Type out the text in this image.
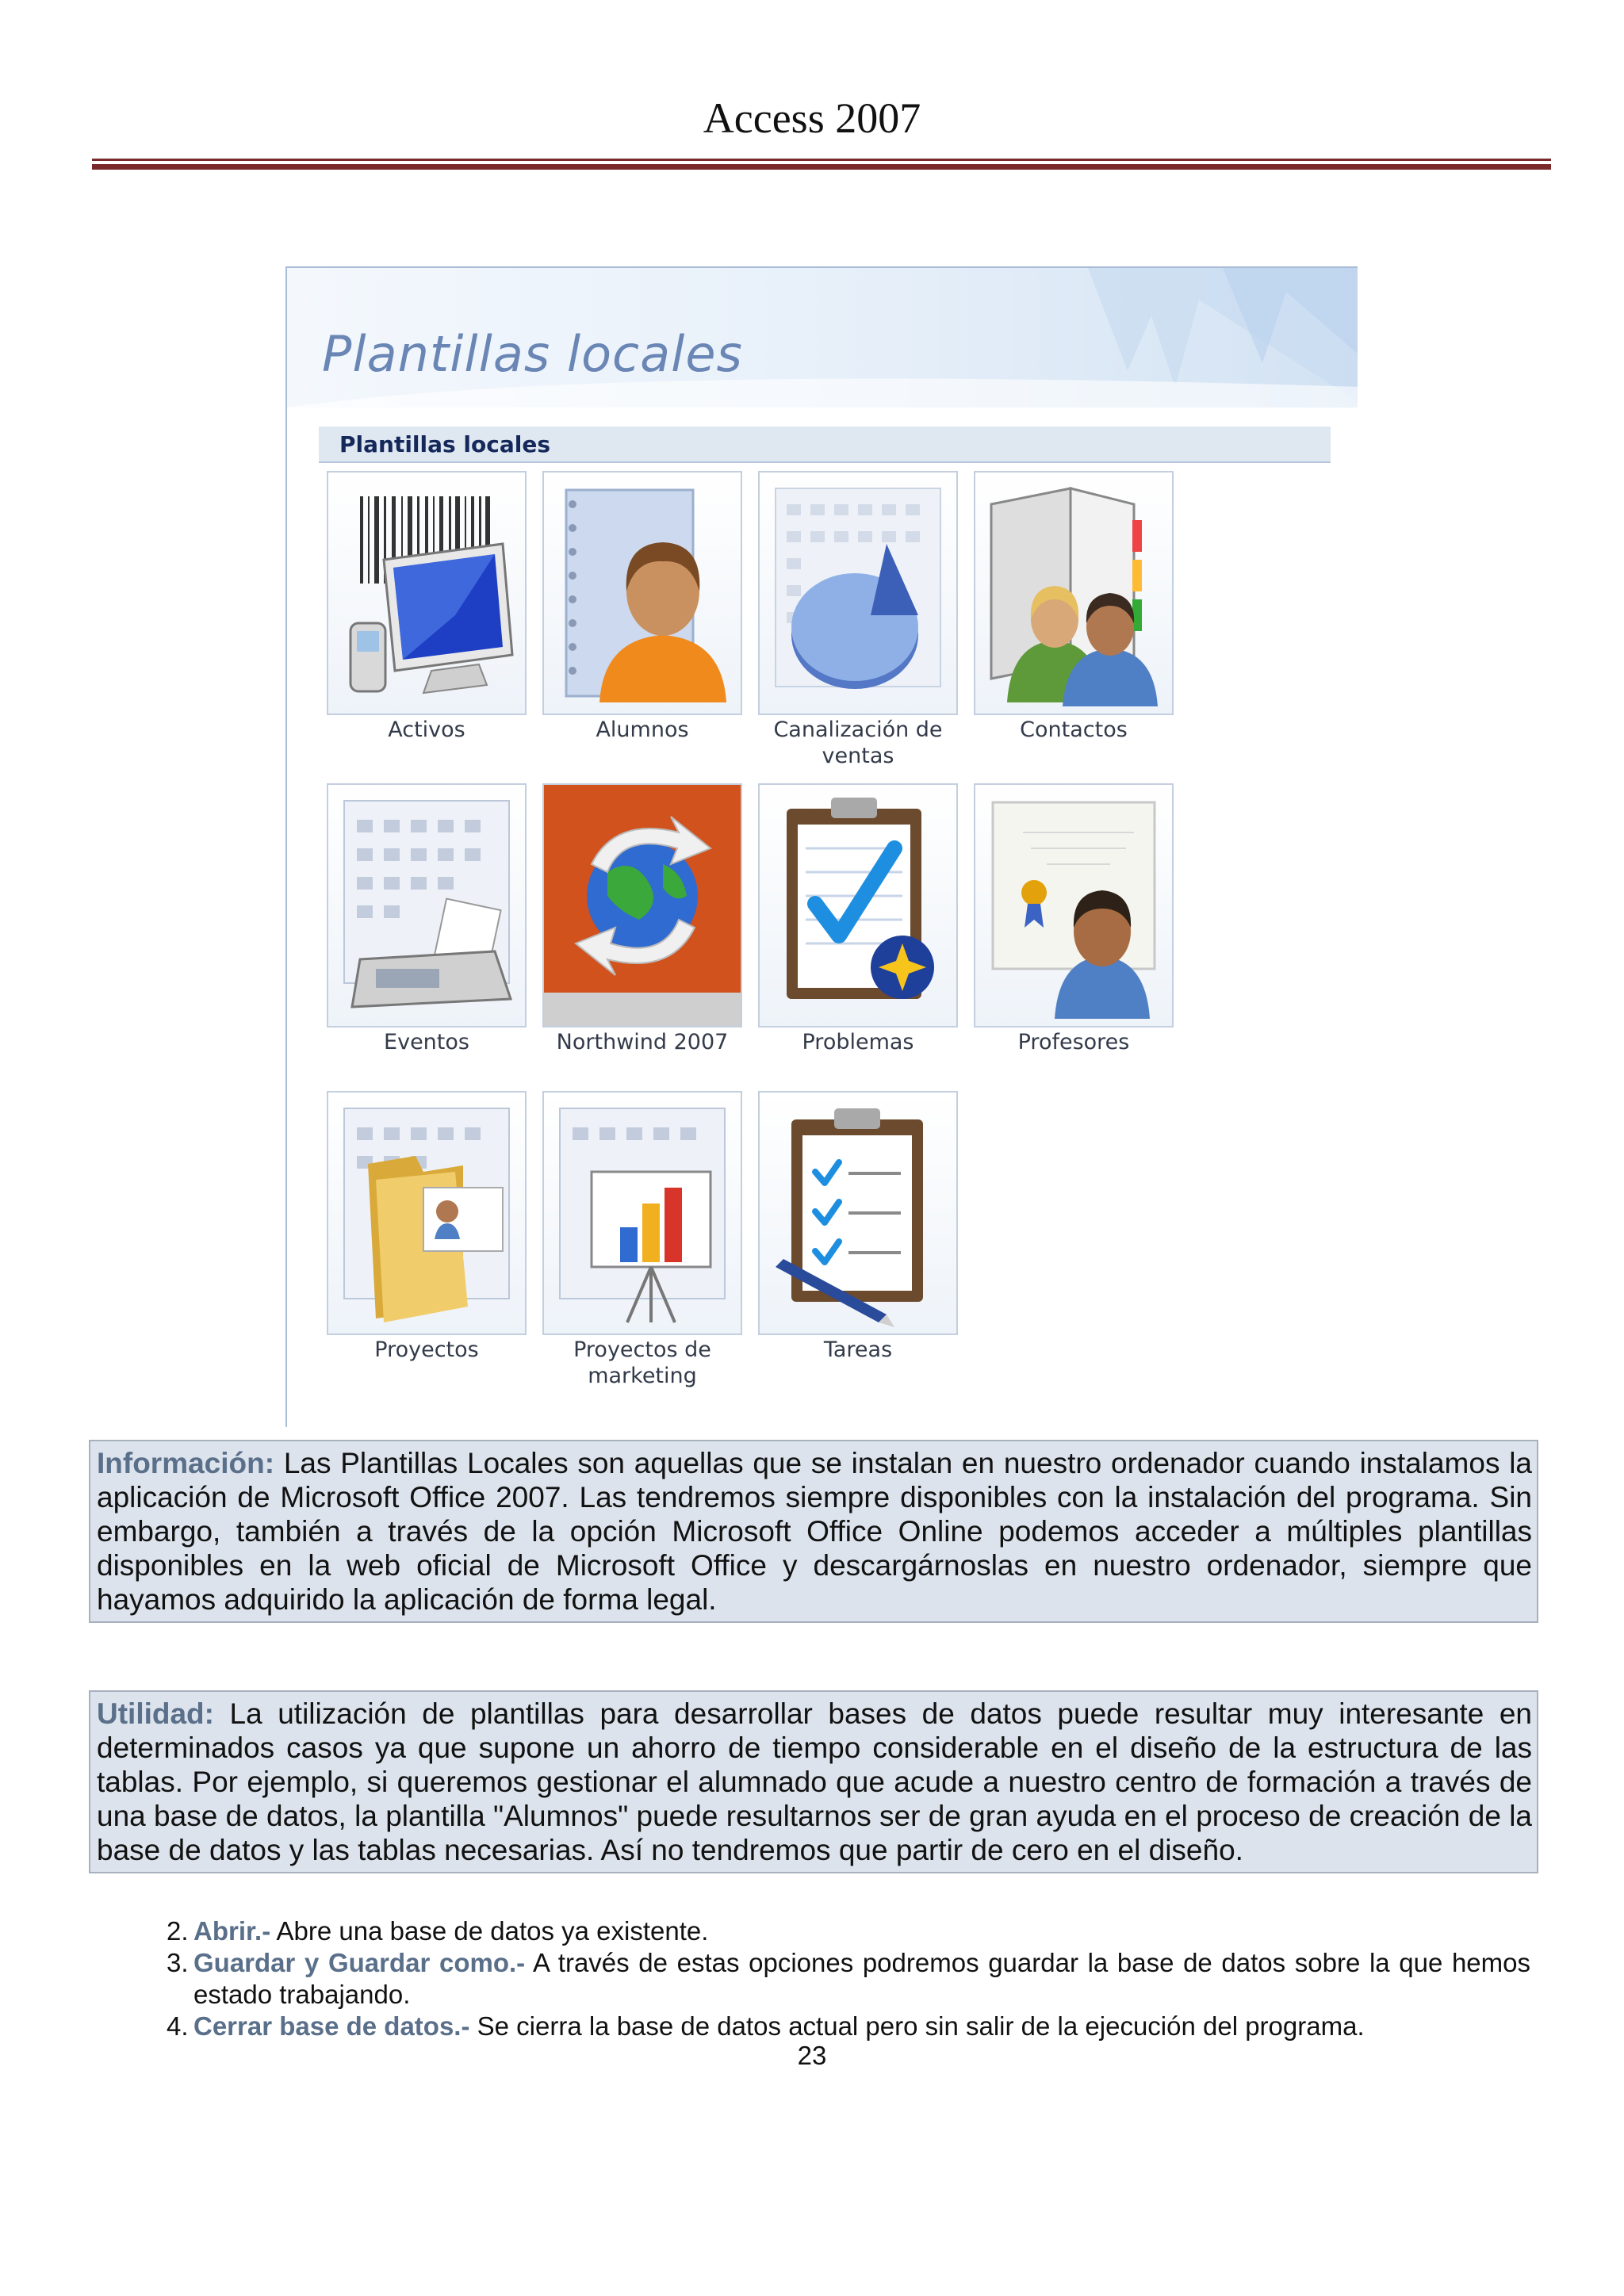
Access 2007
Plantillas locales
Plantillas locales
Activos	Alumnos	Canalización de ventas
Contactos
Eventos	Northwind 2007	Problemas	Profesores
Proyectos	Proyectos de marketing
Tareas
Información: Las Plantillas Locales son aquellas que se instalan en nuestro ordenador cuando instalamos la aplicación de Microsoft Office 2007. Las tendremos siempre disponibles con la instalación del programa. Sin embargo, también a través de la opción Microsoft Office Online podemos acceder a múltiples plantillas disponibles en la web oficial de Microsoft Office y descargárnoslas en nuestro ordenador, siempre que hayamos adquirido la aplicación de forma legal.
Utilidad: La utilización de plantillas para desarrollar bases de datos puede resultar muy interesante en determinados casos ya que supone un ahorro de tiempo considerable en el diseño de la estructura de las tablas. Por ejemplo, si queremos gestionar el alumnado que acude a nuestro centro de formación a través de una base de datos, la plantilla "Alumnos" puede resultarnos ser de gran ayuda en el proceso de creación de la base de datos y las tablas necesarias. Así no tendremos que partir de cero en el diseño.
2. Abrir.- Abre una base de datos ya existente.
3. Guardar y Guardar como.- A través de estas opciones podremos guardar la base de datos sobre la que hemos estado trabajando.
4. Cerrar base de datos.- Se cierra la base de datos actual pero sin salir de la ejecución del programa.
23
